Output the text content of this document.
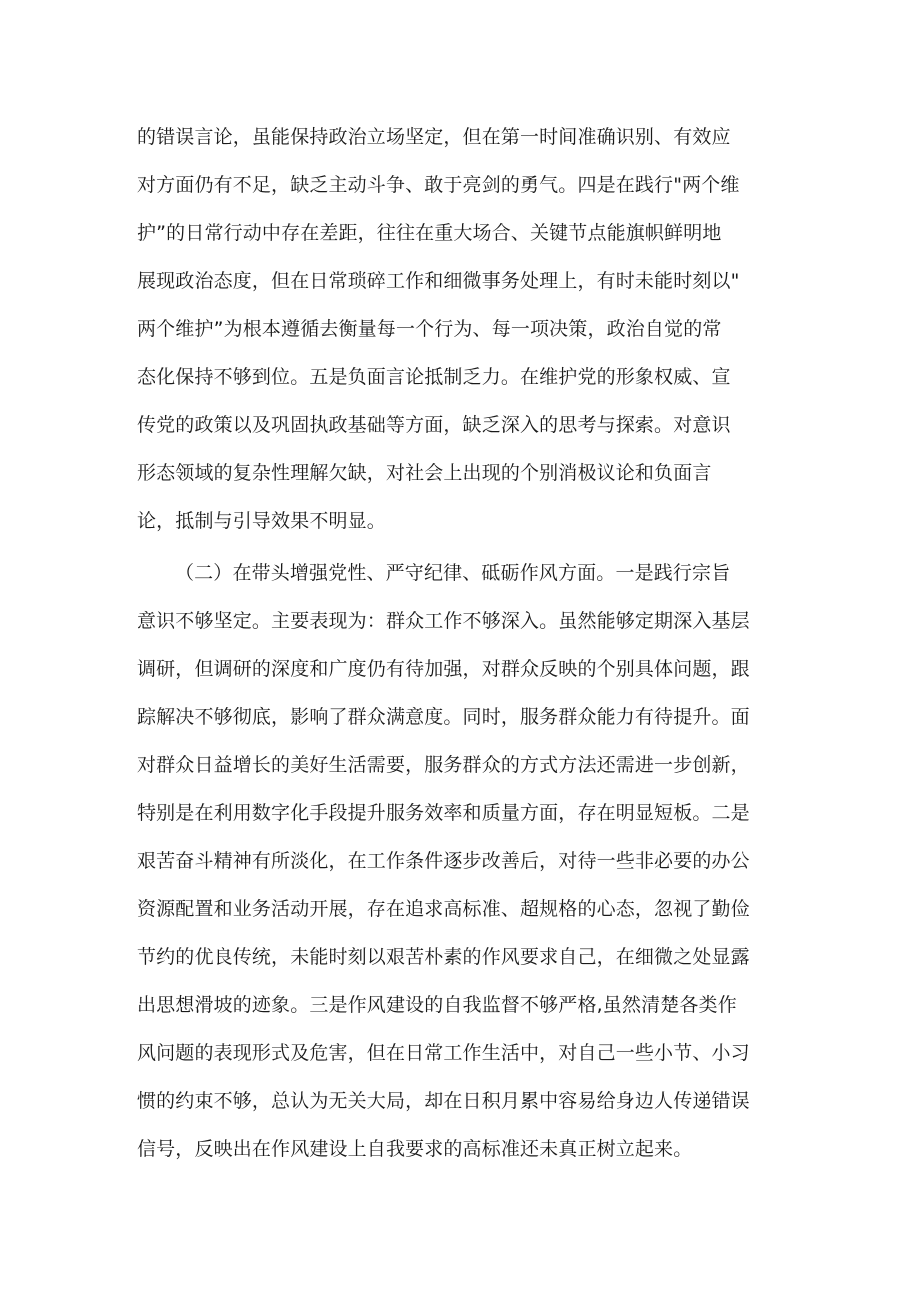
的错误言论，虽能保持政治立场坚定，但在第一时间准确识别、有效应

对方面仍有不足，缺乏主动斗争、敢于亮剑的勇气。四是在践行"两个维

护”的日常行动中存在差距，往往在重大场合、关键节点能旗帜鲜明地

展现政治态度，但在日常琐碎工作和细微事务处理上，有时未能时刻以"

两个维护”为根本遵循去衡量每一个行为、每一项决策，政治自觉的常

态化保持不够到位。五是负面言论抵制乏力。在维护党的形象权威、宣

传党的政策以及巩固执政基础等方面，缺乏深入的思考与探索。对意识

形态领域的复杂性理解欠缺，对社会上出现的个别消极议论和负面言

论，抵制与引导效果不明显。

（二）在带头增强党性、严守纪律、砥砺作风方面。一是践行宗旨

意识不够坚定。主要表现为：群众工作不够深入。虽然能够定期深入基层

调研，但调研的深度和广度仍有待加强，对群众反映的个别具体问题，跟

踪解决不够彻底，影响了群众满意度。同时，服务群众能力有待提升。面

对群众日益增长的美好生活需要，服务群众的方式方法还需进一步创新，

特别是在利用数字化手段提升服务效率和质量方面，存在明显短板。二是

艰苦奋斗精神有所淡化，在工作条件逐步改善后，对待一些非必要的办公

资源配置和业务活动开展，存在追求高标准、超规格的心态，忽视了勤俭

节约的优良传统，未能时刻以艰苦朴素的作风要求自己，在细微之处显露

出思想滑坡的迹象。三是作风建设的自我监督不够严格,虽然清楚各类作

风问题的表现形式及危害，但在日常工作生活中，对自己一些小节、小习

惯的约束不够，总认为无关大局，却在日积月累中容易给身边人传递错误

信号，反映出在作风建设上自我要求的高标准还未真正树立起来。
